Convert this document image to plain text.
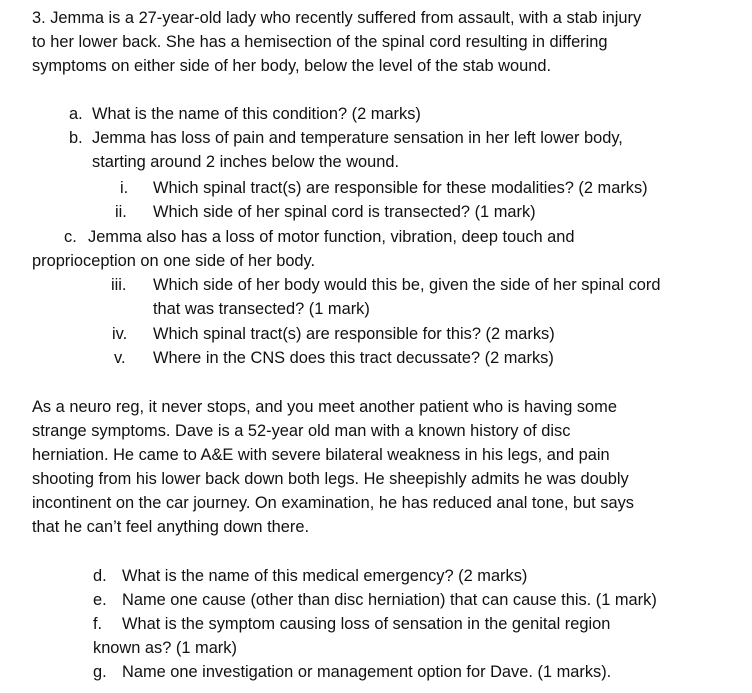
3. Jemma is a 27-year-old lady who recently suffered from assault, with a stab injury
to her lower back. She has a hemisection of the spinal cord resulting in differing
symptoms on either side of her body, below the level of the stab wound.
a. What is the name of this condition? (2 marks)
b. Jemma has loss of pain and temperature sensation in her left lower body,
starting around 2 inches below the wound.
i. Which spinal tract(s) are responsible for these modalities? (2 marks)
ii. Which side of her spinal cord is transected? (1 mark)
c. Jemma also has a loss of motor function, vibration, deep touch and
proprioception on one side of her body.
iii. Which side of her body would this be, given the side of her spinal cord
that was transected? (1 mark)
iv. Which spinal tract(s) are responsible for this? (2 marks)
v. Where in the CNS does this tract decussate? (2 marks)
As a neuro reg, it never stops, and you meet another patient who is having some
strange symptoms. Dave is a 52-year old man with a known history of disc
herniation. He came to A&E with severe bilateral weakness in his legs, and pain
shooting from his lower back down both legs. He sheepishly admits he was doubly
incontinent on the car journey. On examination, he has reduced anal tone, but says
that he can’t feel anything down there.
d. What is the name of this medical emergency? (2 marks)
e. Name one cause (other than disc herniation) that can cause this. (1 mark)
f. What is the symptom causing loss of sensation in the genital region
known as? (1 mark)
g. Name one investigation or management option for Dave. (1 marks).
